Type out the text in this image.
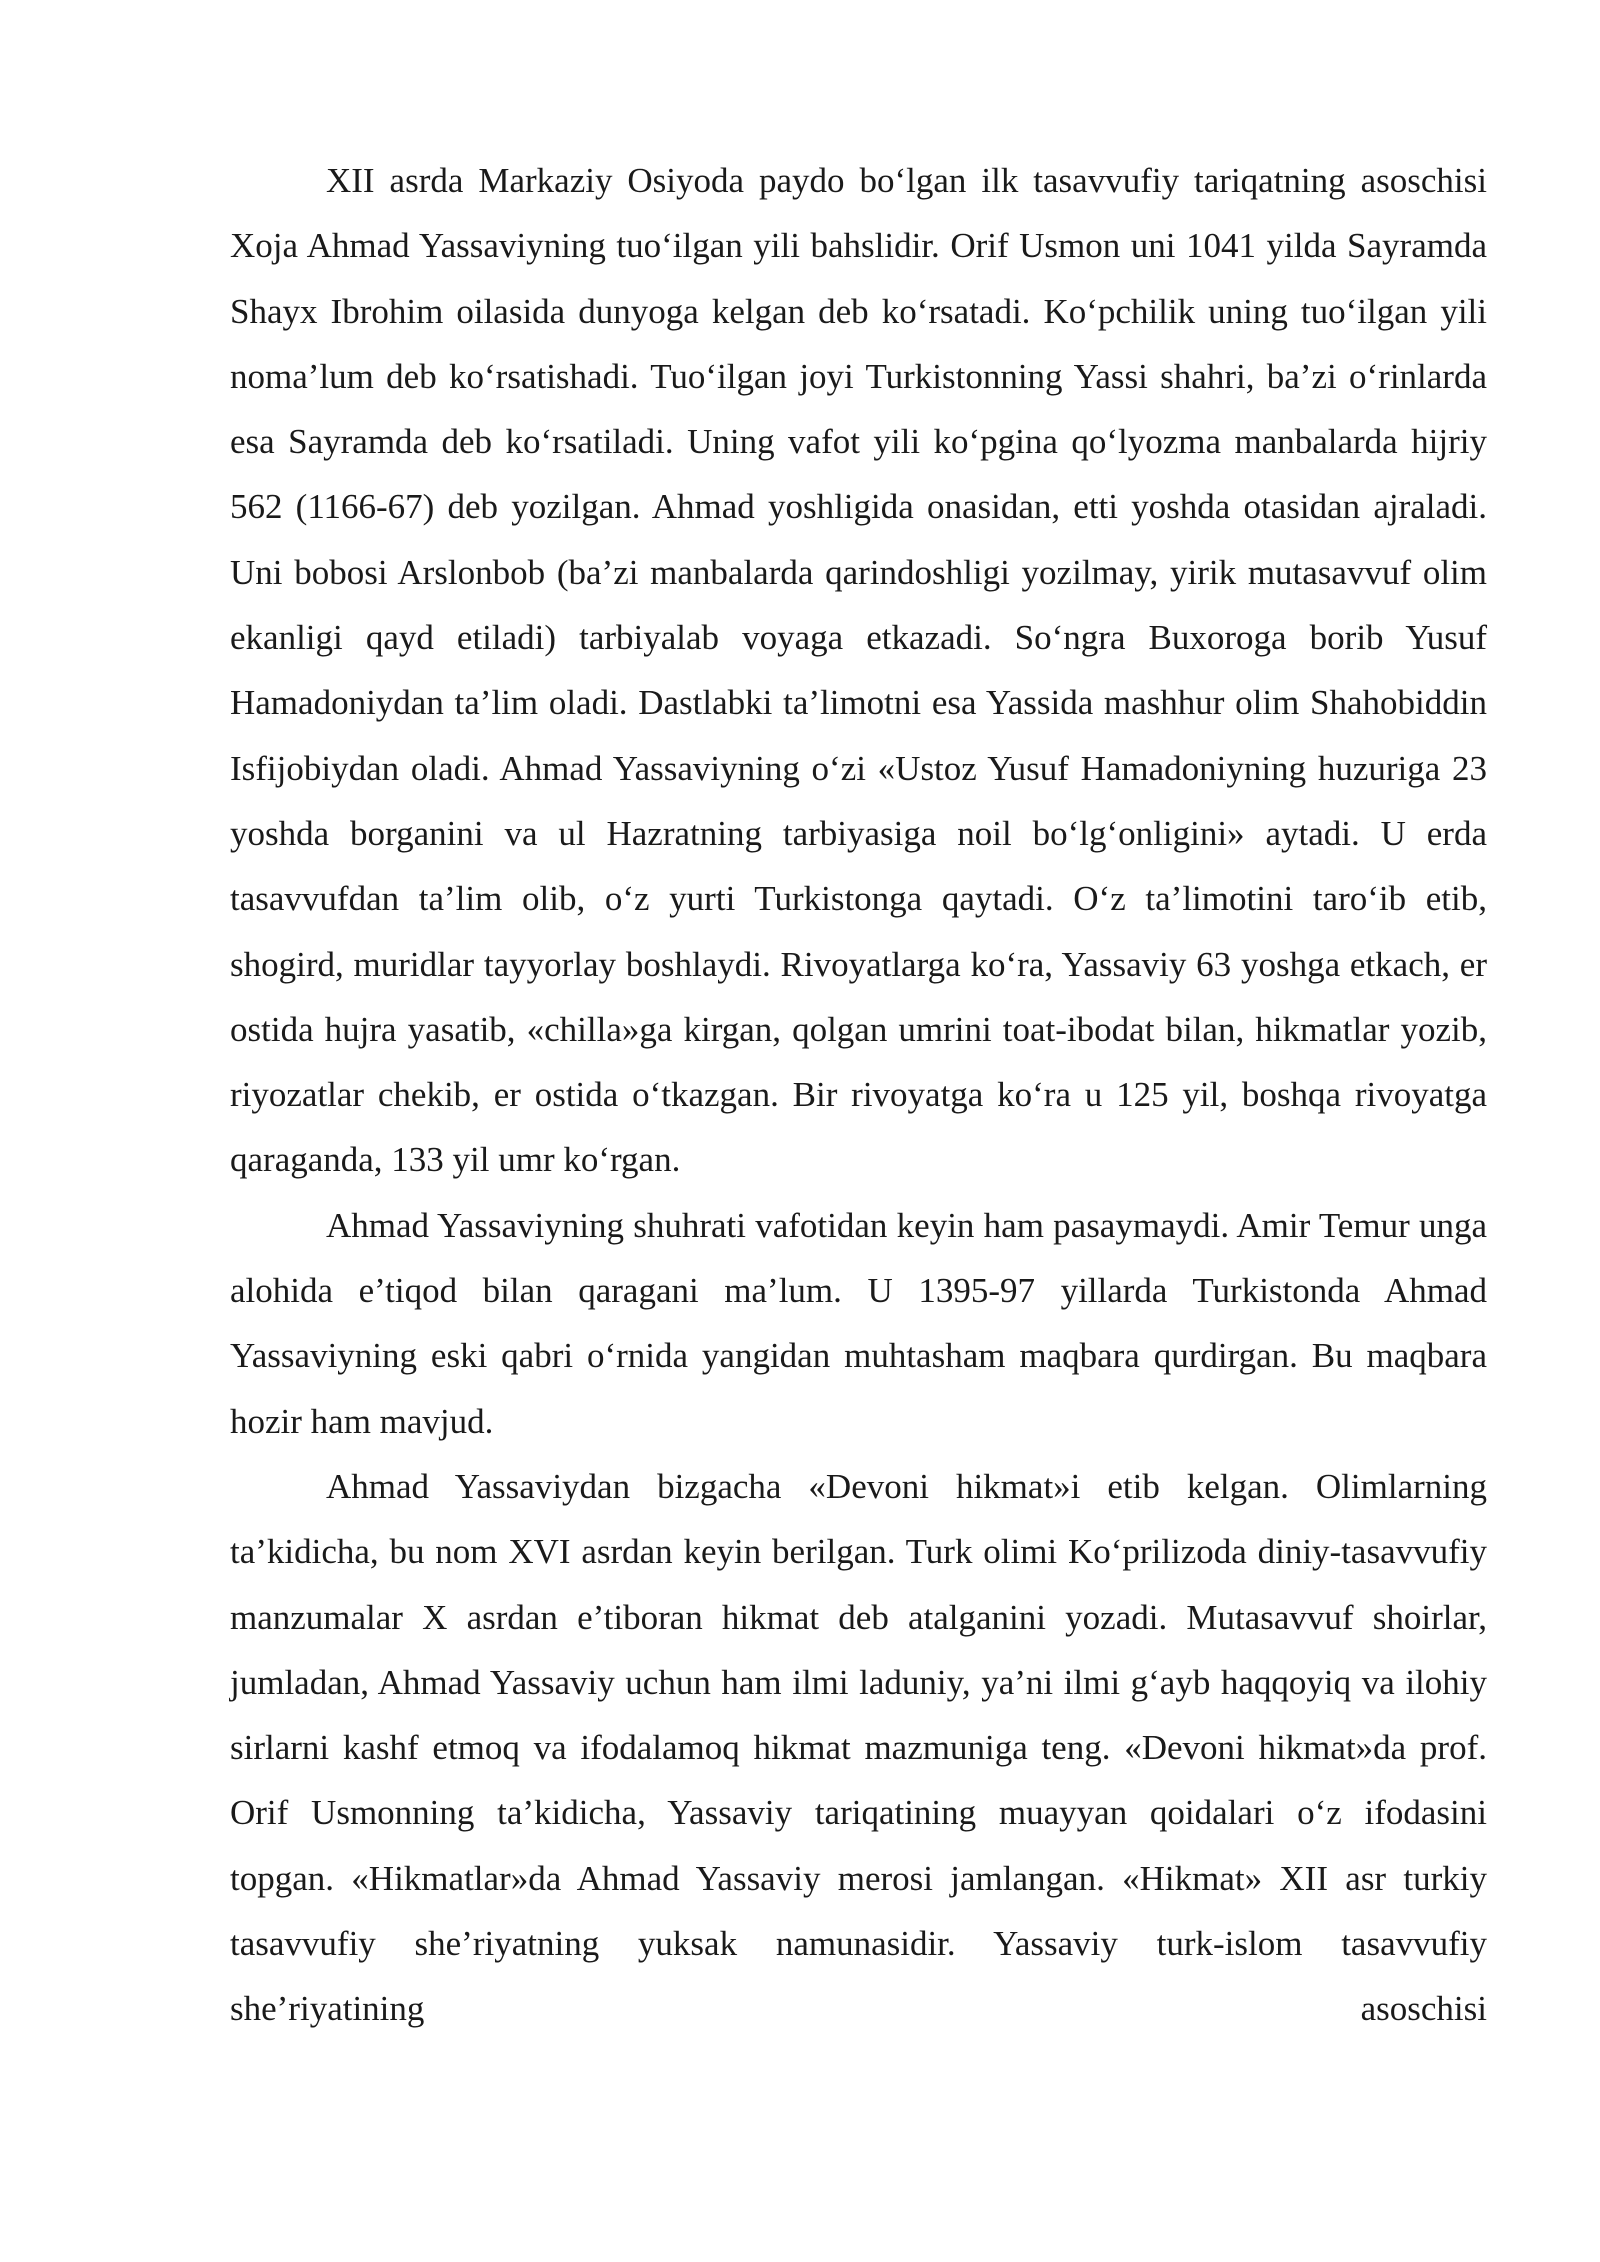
XII asrda Markaziy Osiyoda paydo bo‘lgan ilk tasavvufiy tariqatning asoschisi Xoja Ahmad Yassaviyning tuo‘ilgan yili bahslidir. Orif Usmon uni 1041 yilda Sayramda Shayx Ibrohim oilasida dunyoga kelgan deb ko‘rsatadi. Ko‘pchilik uning tuo‘ilgan yili noma’lum deb ko‘rsatishadi. Tuo‘ilgan joyi Turkistonning Yassi shahri, ba’zi o‘rinlarda esa Sayramda deb ko‘rsatiladi. Uning vafot yili ko‘pgina qo‘lyozma manbalarda hijriy 562 (1166-67) deb yozilgan. Ahmad yoshligida onasidan, etti yoshda otasidan ajraladi. Uni bobosi Arslonbob (ba’zi manbalarda qarindoshligi yozilmay, yirik mutasavvuf olim ekanligi qayd etiladi) tarbiyalab voyaga etkazadi. So‘ngra Buxoroga borib Yusuf Hamadoniydan ta’lim oladi. Dastlabki ta’limotni esa Yassida mashhur olim Shahobiddin Isfijobiydan oladi. Ahmad Yassaviyning o‘zi «Ustoz Yusuf Hamadoniyning huzuriga 23 yoshda borganini va ul Hazratning tarbiyasiga noil bo‘lg‘onligini» aytadi. U erda tasavvufdan ta’lim olib, o‘z yurti Turkistonga qaytadi. O‘z ta’limotini taro‘ib etib, shogird, muridlar tayyorlay boshlaydi. Rivoyatlarga ko‘ra, Yassaviy 63 yoshga etkach, er ostida hujra yasatib, «chilla»ga kirgan, qolgan umrini toat-ibodat bilan, hikmatlar yozib, riyozatlar chekib, er ostida o‘tkazgan. Bir rivoyatga ko‘ra u 125 yil, boshqa rivoyatga qaraganda, 133 yil umr ko‘rgan.

Ahmad Yassaviyning shuhrati vafotidan keyin ham pasaymaydi. Amir Temur unga alohida e’tiqod bilan qaragani ma’lum. U 1395-97 yillarda Turkistonda Ahmad Yassaviyning eski qabri o‘rnida yangidan muhtasham maqbara qurdirgan. Bu maqbara hozir ham mavjud.

Ahmad Yassaviydan bizgacha «Devoni hikmat»i etib kelgan. Olimlarning ta’kidicha, bu nom XVI asrdan keyin berilgan. Turk olimi Ko‘prilizoda diniy-tasavvufiy manzumalar X asrdan e’tiboran hikmat deb atalganini yozadi. Mutasavvuf shoirlar, jumladan, Ahmad Yassaviy uchun ham ilmi laduniy, ya’ni ilmi g‘ayb haqqoyiq va ilohiy sirlarni kashf etmoq va ifodalamoq hikmat mazmuniga teng. «Devoni hikmat»da prof. Orif Usmonning ta’kidicha, Yassaviy tariqatining muayyan qoidalari o‘z ifodasini topgan. «Hikmatlar»da Ahmad Yassaviy merosi jamlangan. «Hikmat» XII asr turkiy tasavvufiy she’riyatning yuksak namunasidir. Yassaviy turk-islom tasavvufiy she’riyatining asoschisi
